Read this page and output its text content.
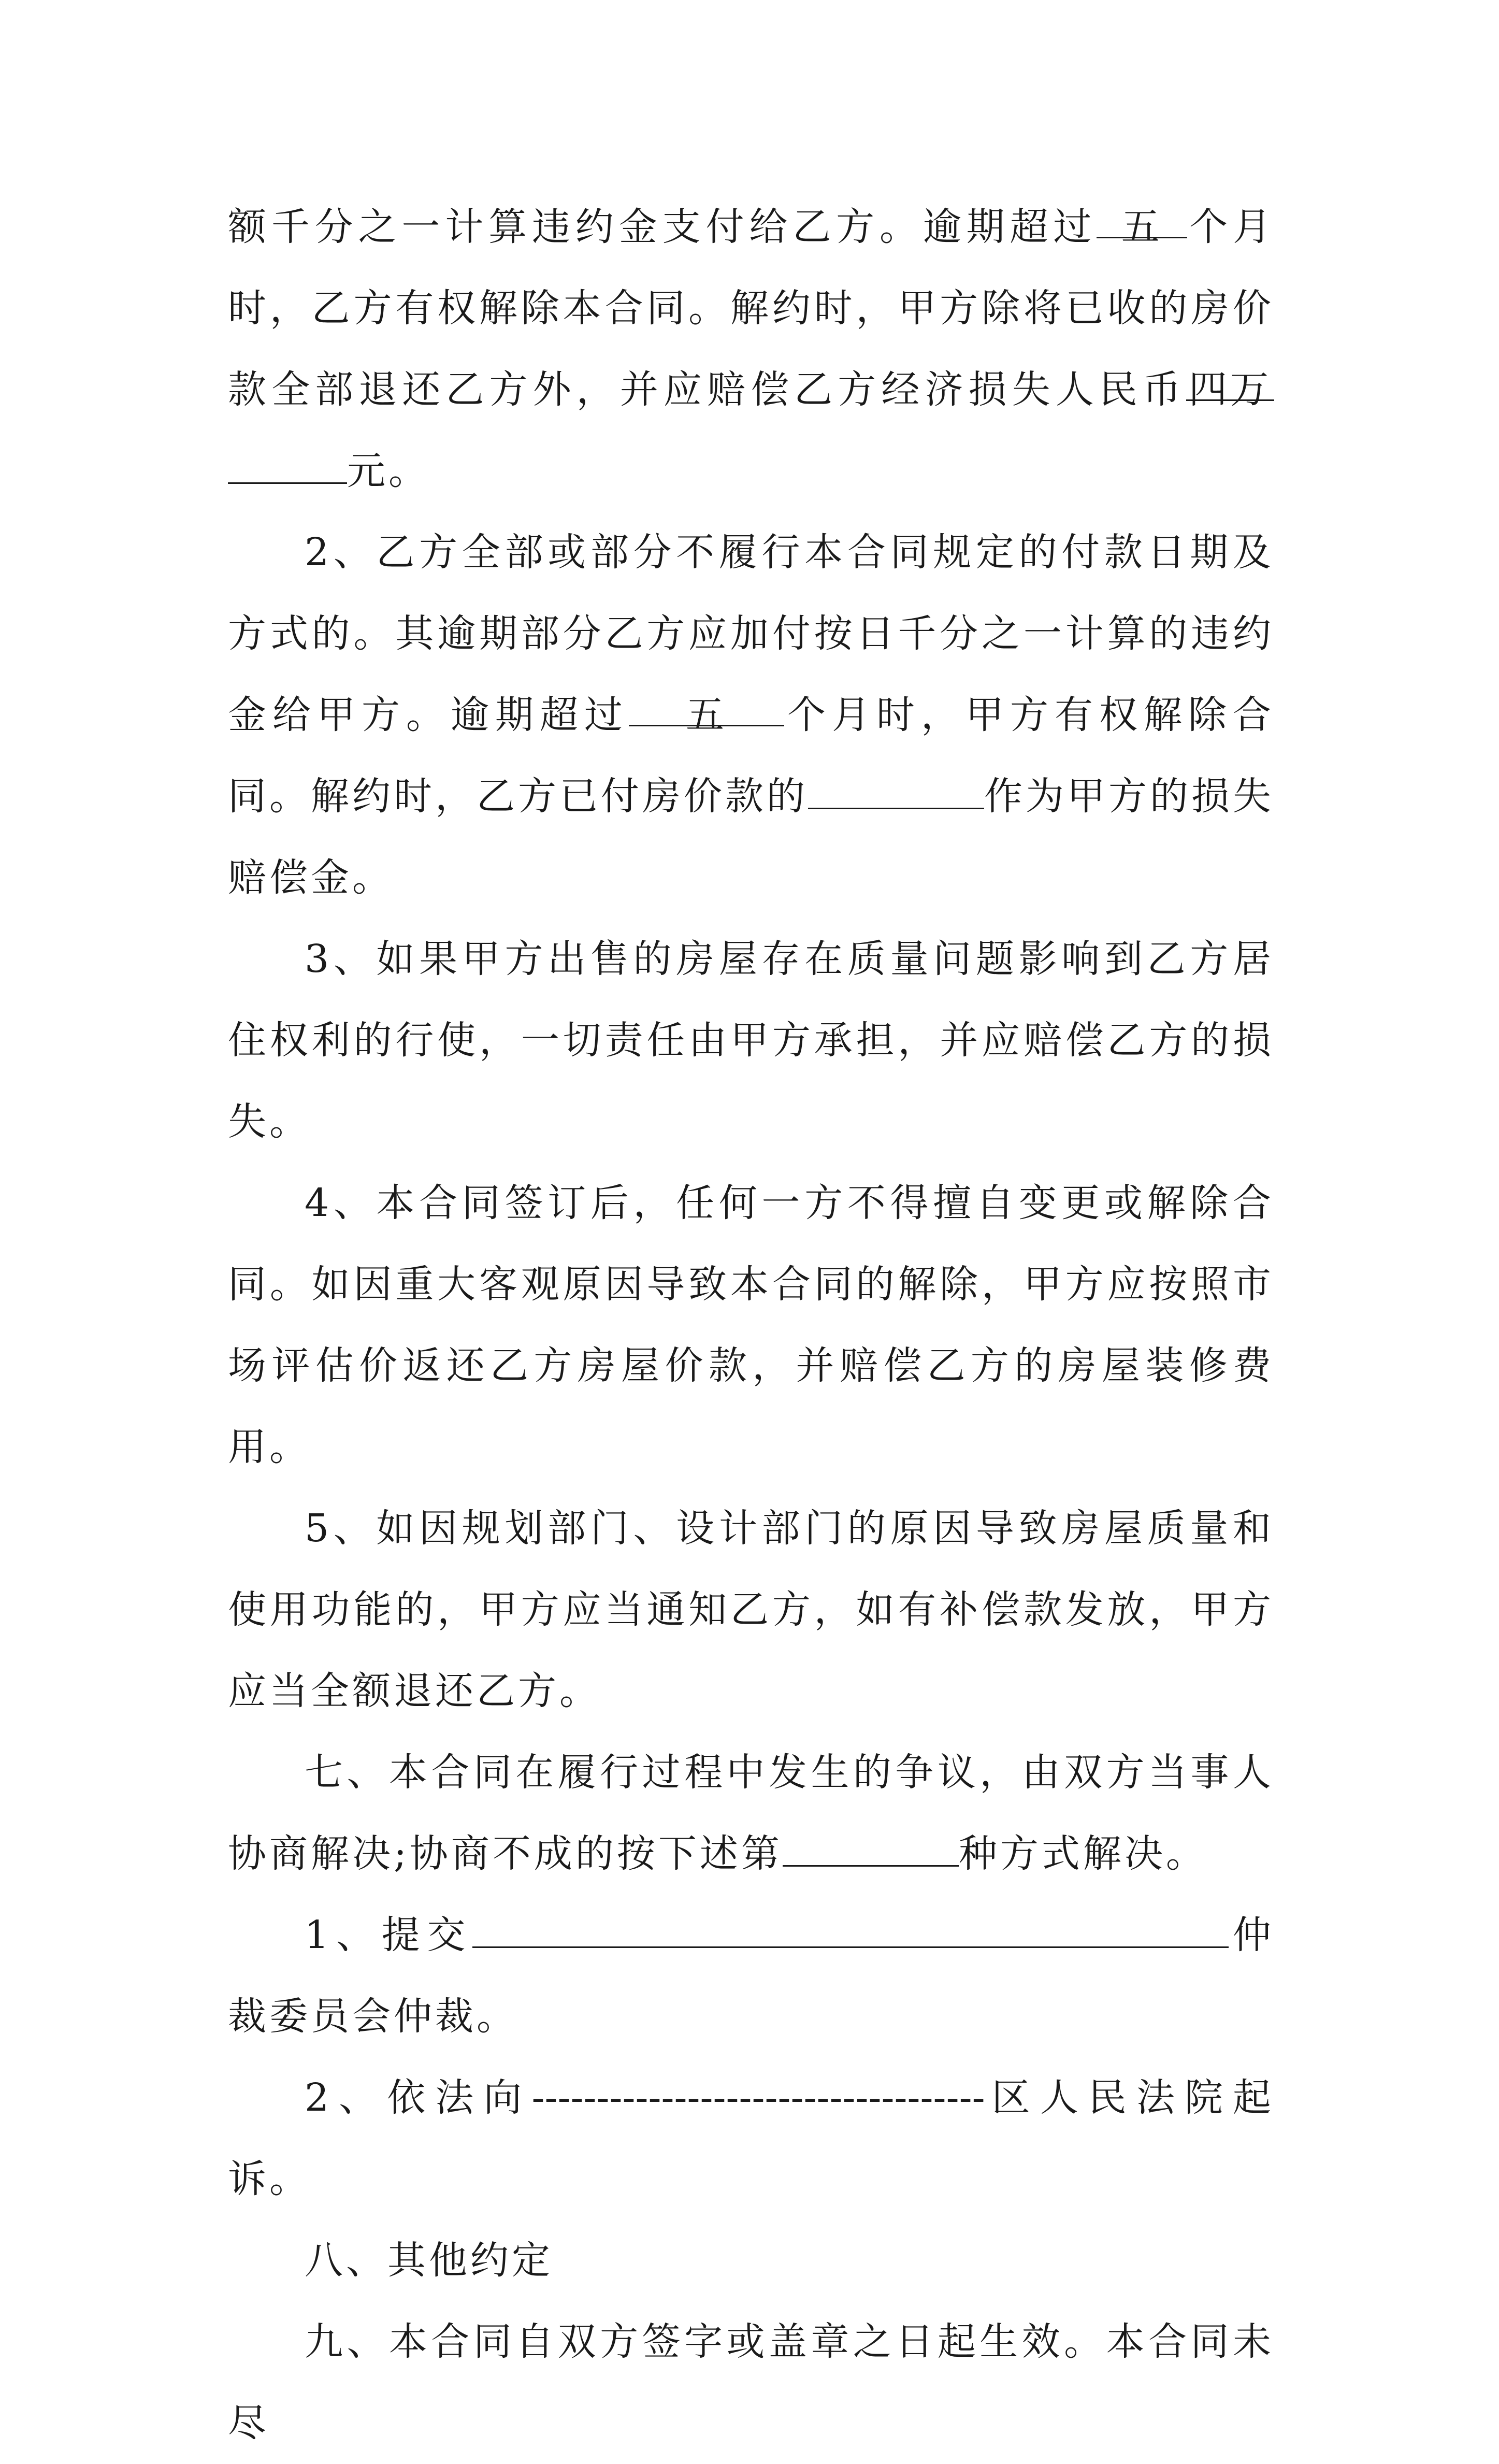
额千分之一计算违约金支付给乙方。逾期超过 五 个月时，乙方有权解除本合同。解约时，甲方除将已收的房价款全部退还乙方外，并应赔偿乙方经济损失人民币四万元。

2、乙方全部或部分不履行本合同规定的付款日期及方式的。其逾期部分乙方应加付按日千分之一计算的违约金给甲方。逾期超过 五 个月时，甲方有权解除合同。解约时，乙方已付房价款的	作为甲方的损失赔偿金。

3、如果甲方出售的房屋存在质量问题影响到乙方居住权利的行使，一切责任由甲方承担，并应赔偿乙方的损失。

4、本合同签订后，任何一方不得擅自变更或解除合同。如因重大客观原因导致本合同的解除，甲方应按照市场评估价返还乙方房屋价款，并赔偿乙方的房屋装修费用。

5、如因规划部门、设计部门的原因导致房屋质量和使用功能的，甲方应当通知乙方，如有补偿款发放，甲方应当全额退还乙方。

七、本合同在履行过程中发生的争议，由双方当事人协商解决;协商不成的按下述第	种方式解决。

1、提交	仲裁委员会仲裁。

2、依法向-----------------------------------区人民法院起诉。

八、其他约定

九、本合同自双方签字或盖章之日起生效。本合同未尽
